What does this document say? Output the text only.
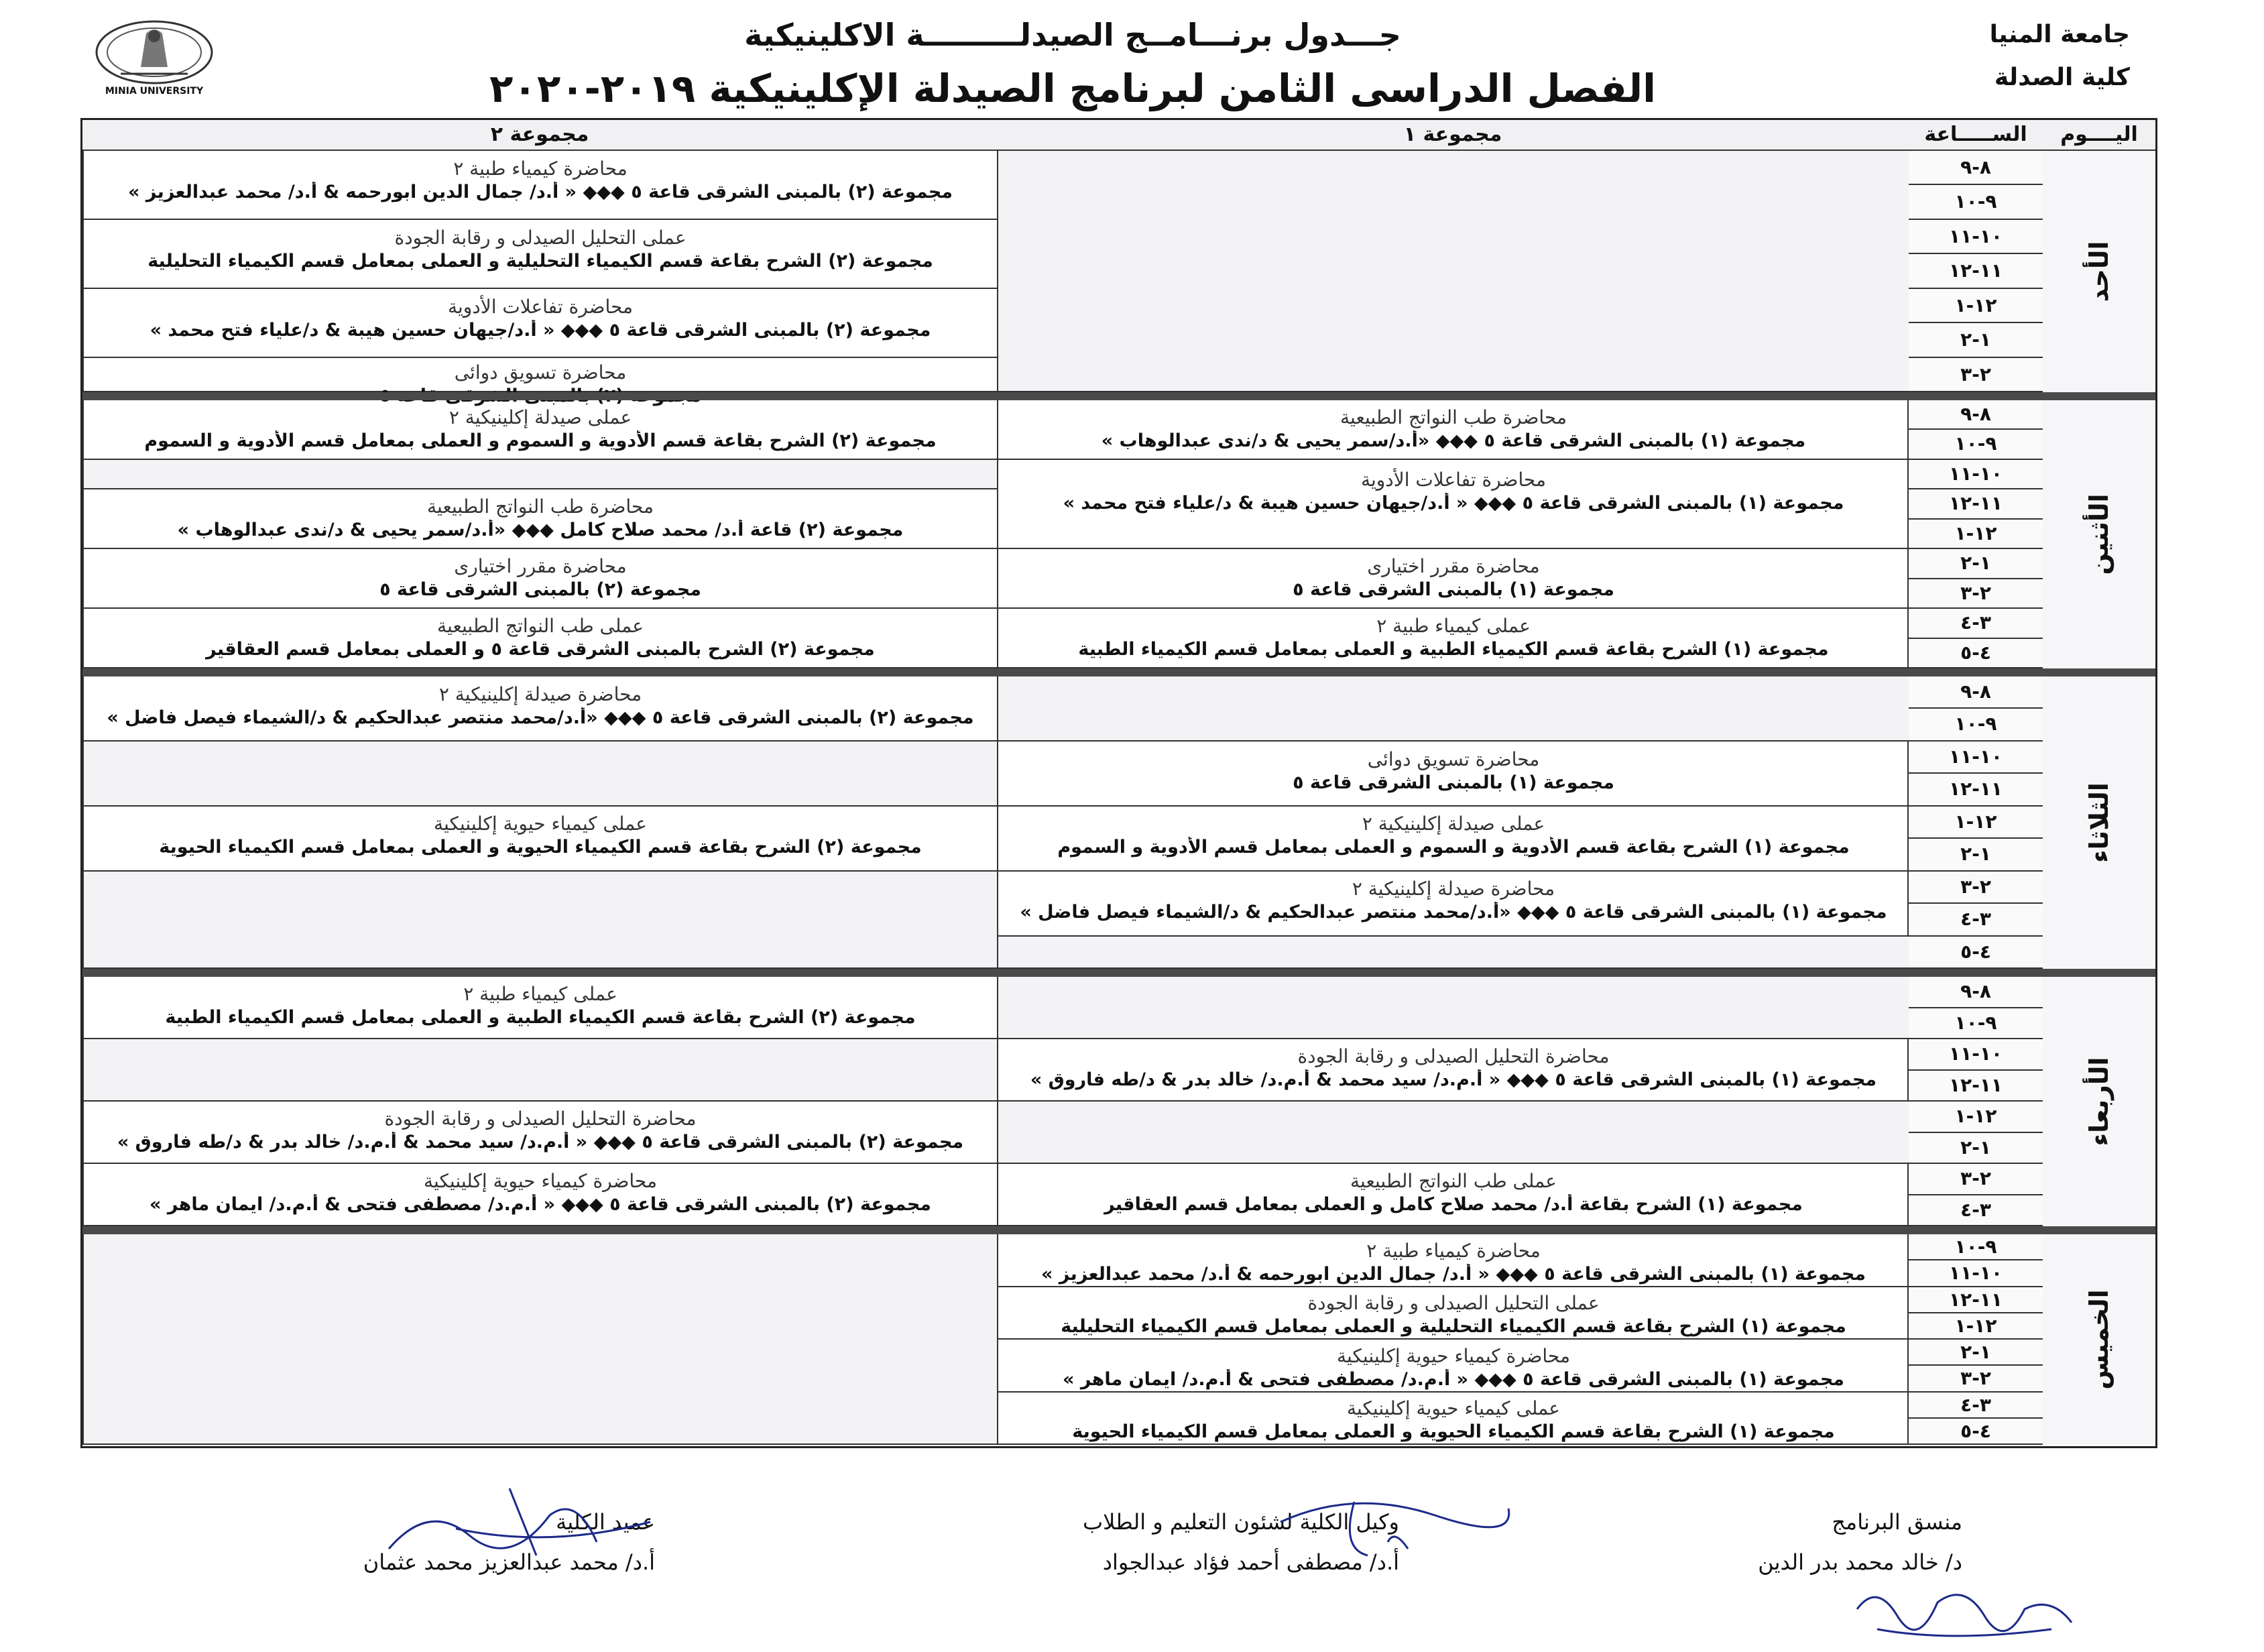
جامعة المنيا
كلية الصدلة
جـــدول برنـــامــج الصيدلـــــــــة الاكلينيكية
الفصل الدراسى الثامن لبرنامج الصيدلة الإكلينيكية ٢٠١٩-٢٠٢٠
MINIA UNIVERSITY
اليــــوم
الســـــاعة
مجموعة ١
مجموعة ٢
الأحد
٨-٩
٩-١٠
١٠-١١
١١-١٢
١٢-١
١-٢
٢-٣
محاضرة كيمياء طبية ٢
مجموعة (٢) بالمبنى الشرقى قاعة ٥ ◆◆◆ « أ.د/ جمال الدين ابورحمه & أ.د/ محمد عبدالعزيز »
عملى التحليل الصيدلى و رقابة الجودة
مجموعة (٢) الشرح بقاعة قسم الكيمياء التحليلية و العملى بمعامل قسم الكيمياء التحليلية
محاضرة تفاعلات الأدوية
مجموعة (٢) بالمبنى الشرقى قاعة ٥ ◆◆◆ « أ.د/جيهان حسين هيبة & د/علياء فتح محمد »
محاضرة تسويق دوائى
الأثنين
٨-٩
٩-١٠
١٠-١١
١١-١٢
١٢-١
١-٢
٢-٣
٣-٤
٤-٥
محاضرة طب النواتج الطبيعية
مجموعة (١) بالمبنى الشرقى قاعة ٥ ◆◆◆ «أ.د/سمر يحيى & د/ندى عبدالوهاب »
محاضرة تفاعلات الأدوية
مجموعة (١) بالمبنى الشرقى قاعة ٥ ◆◆◆ « أ.د/جيهان حسين هيبة & د/علياء فتح محمد »
محاضرة مقرر اختيارى
مجموعة (١) بالمبنى الشرقى قاعة ٥
عملى كيمياء طبية ٢
مجموعة (١) الشرح بقاعة قسم الكيمياء الطبية و العملى بمعامل قسم الكيمياء الطبية
عملى صيدلة إكلينيكية ٢
مجموعة (٢) الشرح بقاعة قسم الأدوية و السموم و العملى بمعامل قسم الأدوية و السموم
محاضرة طب النواتج الطبيعية
مجموعة (٢) قاعة أ.د/ محمد صلاح كامل ◆◆◆ «أ.د/سمر يحيى & د/ندى عبدالوهاب »
محاضرة مقرر اختيارى
مجموعة (٢) بالمبنى الشرقى قاعة ٥
عملى طب النواتج الطبيعية
مجموعة (٢) الشرح بالمبنى الشرقى قاعة ٥ و العملى بمعامل قسم العقاقير
الثلاثاء
٨-٩
٩-١٠
١٠-١١
١١-١٢
١٢-١
١-٢
٢-٣
٣-٤
٤-٥
محاضرة تسويق دوائى
مجموعة (١) بالمبنى الشرقى قاعة ٥
عملى صيدلة إكلينيكية ٢
مجموعة (١) الشرح بقاعة قسم الأدوية و السموم و العملى بمعامل قسم الأدوية و السموم
محاضرة صيدلة إكلينيكية ٢
مجموعة (١) بالمبنى الشرقى قاعة ٥ ◆◆◆ «أ.د/محمد منتصر عبدالحكيم & د/الشيماء فيصل فاضل »
محاضرة صيدلة إكلينيكية ٢
مجموعة (٢) بالمبنى الشرقى قاعة ٥ ◆◆◆ «أ.د/محمد منتصر عبدالحكيم & د/الشيماء فيصل فاضل »
عملى كيمياء حيوية إكلينيكية
مجموعة (٢) الشرح بقاعة قسم الكيمياء الحيوية و العملى بمعامل قسم الكيمياء الحيوية
الأربعاء
٨-٩
٩-١٠
١٠-١١
١١-١٢
١٢-١
١-٢
٢-٣
٣-٤
محاضرة التحليل الصيدلى و رقابة الجودة
مجموعة (١) بالمبنى الشرقى قاعة ٥ ◆◆◆ « أ.م.د/ سيد محمد & أ.م.د/ خالد بدر & د/طه فاروق »
عملى طب النواتج الطبيعية
مجموعة (١) الشرح بقاعة أ.د/ محمد صلاح كامل و العملى بمعامل قسم العقاقير
عملى كيمياء طبية ٢
مجموعة (٢) الشرح بقاعة قسم الكيمياء الطبية و العملى بمعامل قسم الكيمياء الطبية
محاضرة التحليل الصيدلى و رقابة الجودة
مجموعة (٢) بالمبنى الشرقى قاعة ٥ ◆◆◆ « أ.م.د/ سيد محمد & أ.م.د/ خالد بدر & د/طه فاروق »
محاضرة كيمياء حيوية إكلينيكية
مجموعة (٢) بالمبنى الشرقى قاعة ٥ ◆◆◆ « أ.م.د/ مصطفى فتحى & أ.م.د/ ايمان ماهر »
الخميس
٩-١٠
١٠-١١
١١-١٢
١٢-١
١-٢
٢-٣
٣-٤
٤-٥
محاضرة كيمياء طبية ٢
مجموعة (١) بالمبنى الشرقى قاعة ٥ ◆◆◆ « أ.د/ جمال الدين ابورحمه & أ.د/ محمد عبدالعزيز »
عملى التحليل الصيدلى و رقابة الجودة
مجموعة (١) الشرح بقاعة قسم الكيمياء التحليلية و العملى بمعامل قسم الكيمياء التحليلية
محاضرة كيمياء حيوية إكلينيكية
مجموعة (١) بالمبنى الشرقى قاعة ٥ ◆◆◆ « أ.م.د/ مصطفى فتحى & أ.م.د/ ايمان ماهر »
عملى كيمياء حيوية إكلينيكية
مجموعة (١) الشرح بقاعة قسم الكيمياء الحيوية و العملى بمعامل قسم الكيمياء الحيوية
منسق البرنامج
د/ خالد محمد بدر الدين
وكيل الكلية لشئون التعليم و الطلاب
أ.د/ مصطفى أحمد فؤاد عبدالجواد
عميد الكلية
أ.د/ محمد عبدالعزيز محمد عثمان
